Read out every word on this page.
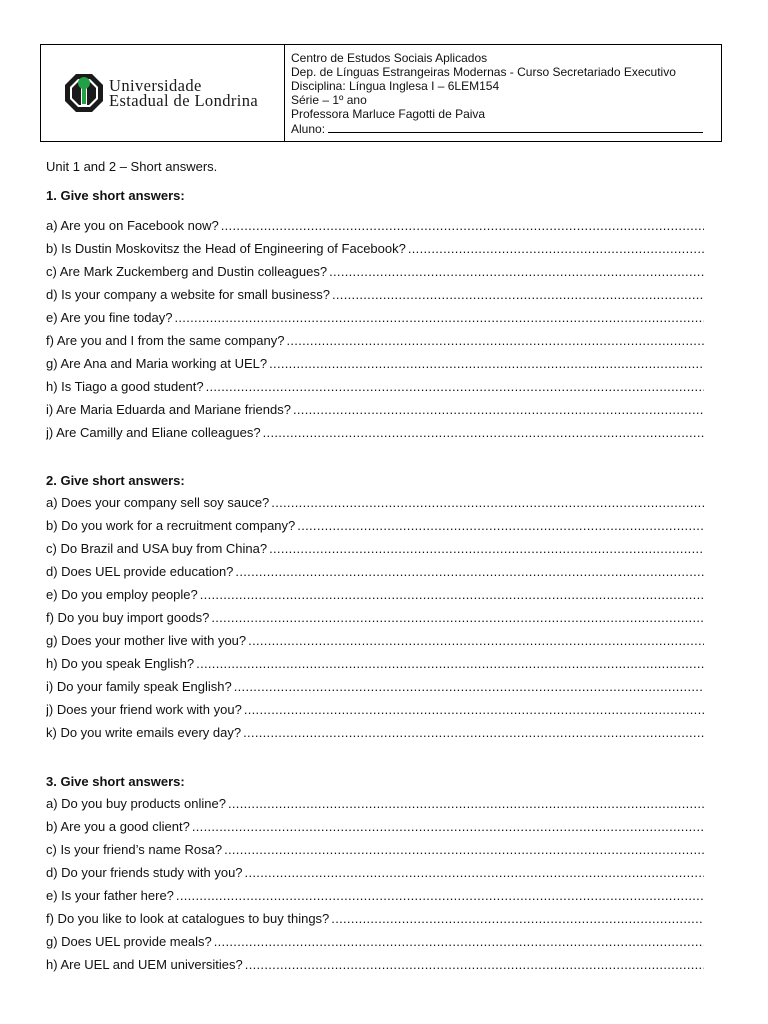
Universidade
Estadual de Londrina
Centro de Estudos Sociais Aplicados
Dep. de Línguas Estrangeiras Modernas - Curso Secretariado Executivo
Disciplina: Língua Inglesa I – 6LEM154
Série – 1º ano
Professora Marluce Fagotti de Paiva
Aluno:
Unit 1 and 2 – Short answers.
1. Give short answers:
a) Are you on Facebook now?
.....
b) Is Dustin Moskovitsz the Head of Engineering of Facebook?
.....
c) Are Mark Zuckemberg and Dustin colleagues?
.....
d) Is your company a website for small business?
.....
e) Are you fine today?
.....
f) Are you and I from the same company?
.....
g) Are Ana and Maria working at UEL?
.....
h) Is Tiago a good student?
.....
i) Are Maria Eduarda and Mariane friends?
.....
j) Are Camilly and Eliane colleagues?
.....
2. Give short answers:
a) Does your company sell soy sauce?
.....
b) Do you work for a recruitment company?
.....
c) Do Brazil and USA buy from China?
.....
d) Does UEL provide education?
.....
e) Do you employ people?
.....
f) Do you buy import goods?
.....
g) Does your mother live with you?
.....
h) Do you speak English?
.....
i) Do your family speak English?
.....
j) Does your friend work with you?
.....
k) Do you write emails every day?
.....
3. Give short answers:
a) Do you buy products online?
.....
b) Are you a good client?
.....
c) Is your friend’s name Rosa?
.....
d) Do your friends study with you?
.....
e) Is your father here?
.....
f) Do you like to look at catalogues to buy things?
.....
g) Does UEL provide meals?
.....
h) Are UEL and UEM universities?
.....
